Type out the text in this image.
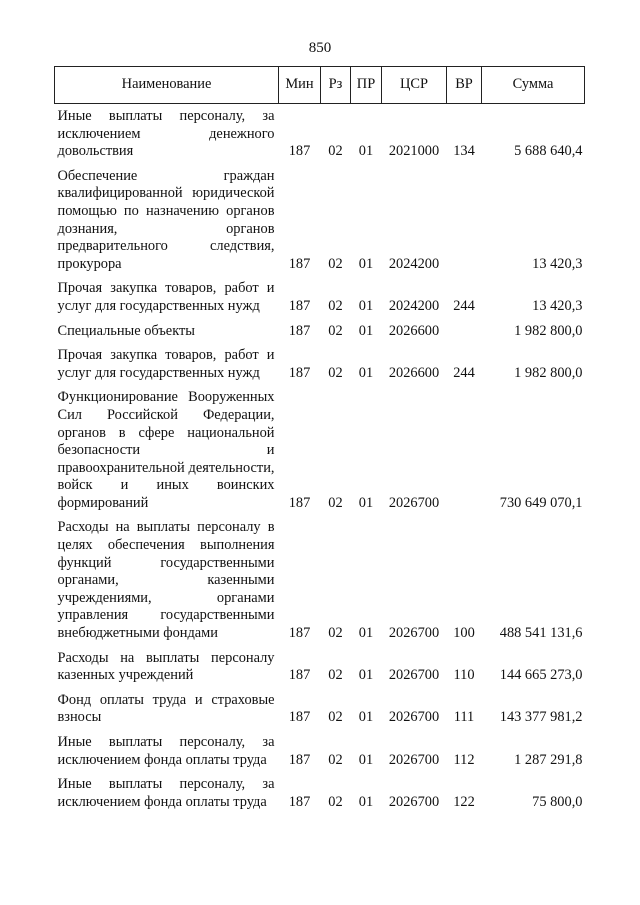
850
Наименование	Мин	Рз	ПР	ЦСР	ВР	Сумма
Иные выплаты персоналу, за исключением денежного довольствия	187	02	01	2021000	134	5 688 640,4
Обеспечение граждан квалифицированной юридической помощью по назначению органов дознания, органов предварительного следствия, прокурора	187	02	01	2024200		13 420,3
Прочая закупка товаров, работ и услуг для государственных нужд	187	02	01	2024200	244	13 420,3
Специальные объекты	187	02	01	2026600		1 982 800,0
Прочая закупка товаров, работ и услуг для государственных нужд	187	02	01	2026600	244	1 982 800,0
Функционирование Вооруженных Сил Российской Федерации, органов в сфере национальной безопасности и правоохранительной деятельности, войск и иных воинских формирований	187	02	01	2026700		730 649 070,1
Расходы на выплаты персоналу в целях обеспечения выполнения функций государственными органами, казенными учреждениями, органами управления государственными внебюджетными фондами	187	02	01	2026700	100	488 541 131,6
Расходы на выплаты персоналу казенных учреждений	187	02	01	2026700	110	144 665 273,0
Фонд оплаты труда и страховые взносы	187	02	01	2026700	111	143 377 981,2
Иные выплаты персоналу, за исключением фонда оплаты труда	187	02	01	2026700	112	1 287 291,8
Иные выплаты персоналу, за исключением фонда оплаты труда	187	02	01	2026700	122	75 800,0
